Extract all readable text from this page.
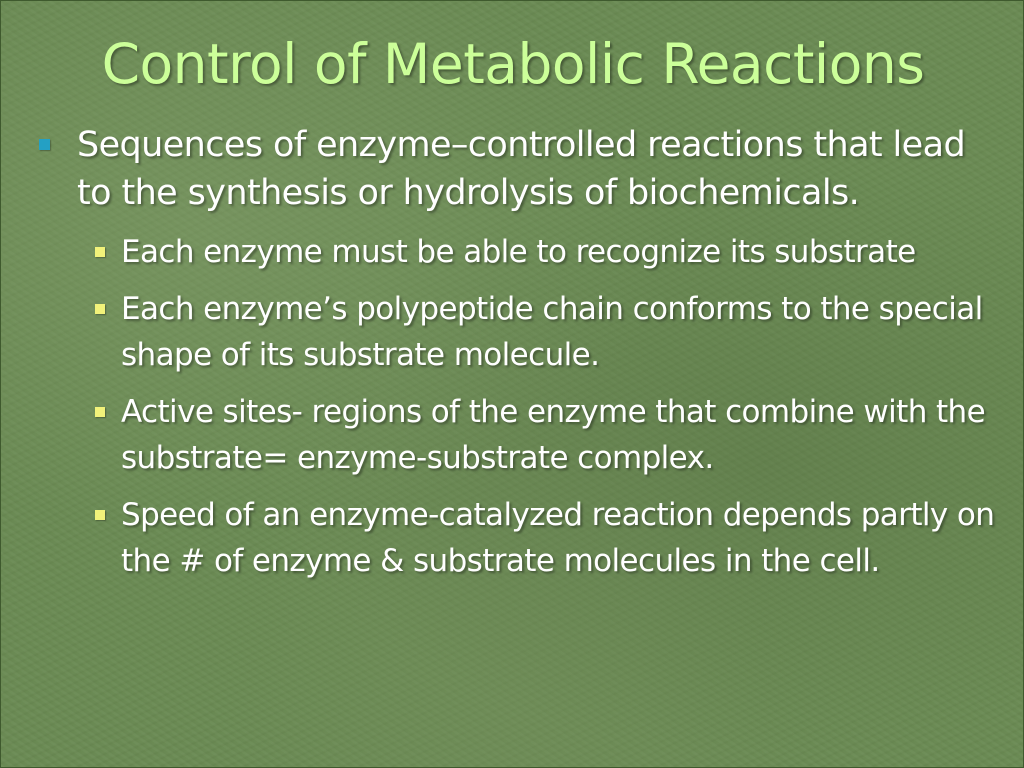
Control of Metabolic Reactions
Sequences of enzyme–controlled reactions that lead to the synthesis or hydrolysis of biochemicals.
Each enzyme must be able to recognize its substrate
Each enzyme’s polypeptide chain conforms to the special shape of its substrate molecule.
Active sites- regions of the enzyme that combine with the substrate= enzyme-substrate complex.
Speed of an enzyme-catalyzed reaction depends partly on the # of enzyme & substrate molecules in the cell.
